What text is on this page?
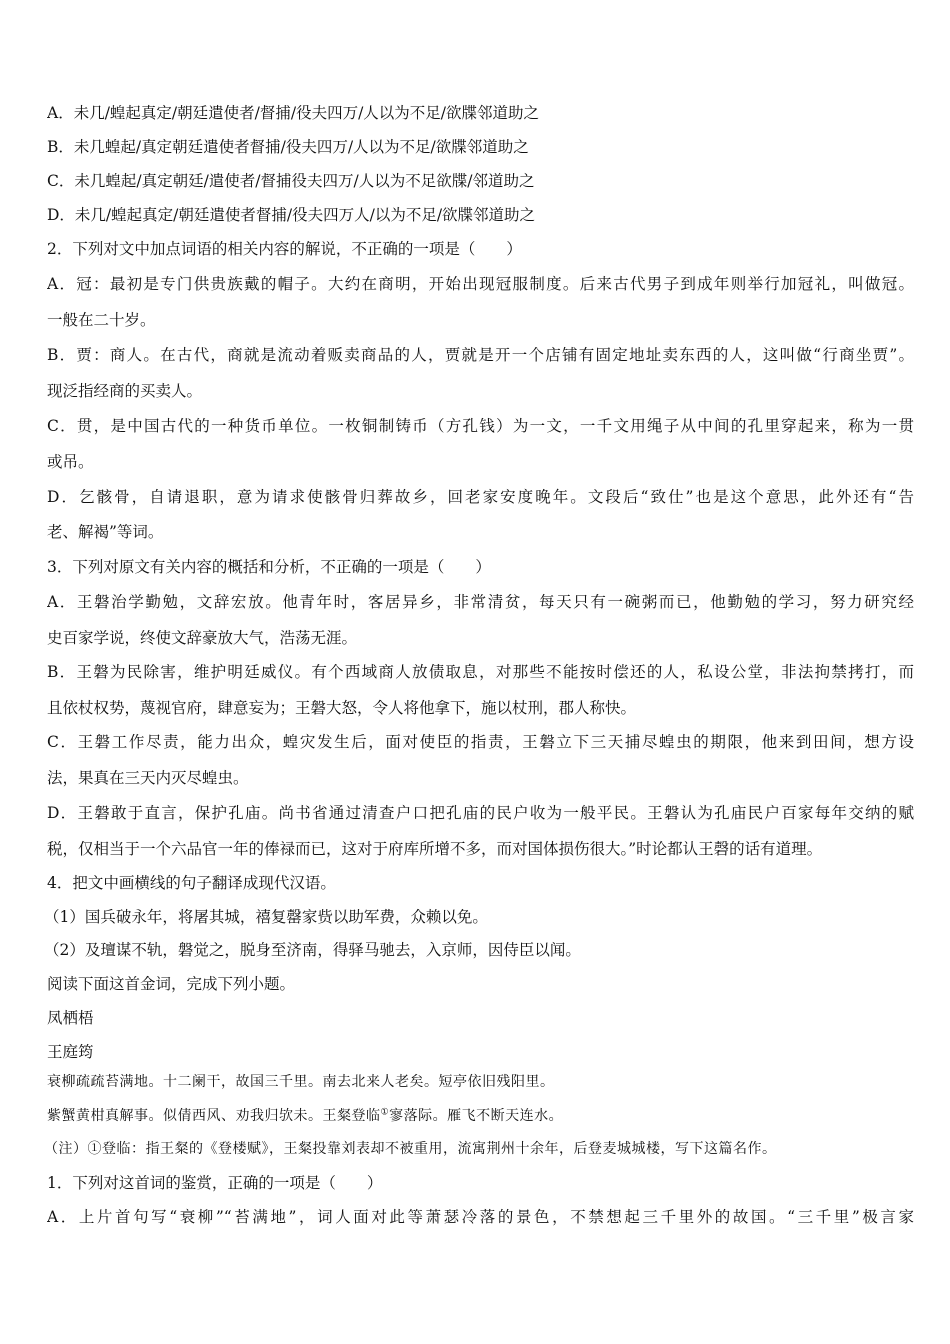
A．未几/蝗起真定/朝廷遣使者/督捕/役夫四万/人以为不足/欲牒邻道助之
B．未几蝗起/真定朝廷遣使者督捕/役夫四万/人以为不足/欲牒邻道助之
C．未几蝗起/真定朝廷/遣使者/督捕役夫四万/人以为不足欲牒/邻道助之
D．未几/蝗起真定/朝廷遣使者督捕/役夫四万人/以为不足/欲牒邻道助之
2．下列对文中加点词语的相关内容的解说，不正确的一项是（　　）
A．冠：最初是专门供贵族戴的帽子。大约在商明，开始出现冠服制度。后来古代男子到成年则举行加冠礼，叫做冠。
一般在二十岁。
B．贾：商人。在古代，商就是流动着贩卖商品的人，贾就是开一个店铺有固定地址卖东西的人，这叫做“行商坐贾”。
现泛指经商的买卖人。
C．贯，是中国古代的一种货币单位。一枚铜制铸币（方孔钱）为一文，一千文用绳子从中间的孔里穿起来，称为一贯
或吊。
D．乞骸骨，自请退职，意为请求使骸骨归葬故乡，回老家安度晚年。文段后“致仕”也是这个意思，此外还有“告
老、解褐”等词。
3．下列对原文有关内容的概括和分析，不正确的一项是（　　）
A．王磐治学勤勉，文辞宏放。他青年时，客居异乡，非常清贫，每天只有一碗粥而已，他勤勉的学习，努力研究经
史百家学说，终使文辞豪放大气，浩荡无涯。
B．王磐为民除害，维护明廷威仪。有个西域商人放债取息，对那些不能按时偿还的人，私设公堂，非法拘禁拷打，而
且依杖权势，蔑视官府，肆意妄为；王磐大怒，令人将他拿下，施以杖刑，郡人称快。
C．王磐工作尽责，能力出众，蝗灾发生后，面对使臣的指责，王磐立下三天捕尽蝗虫的期限，他来到田间，想方设
法，果真在三天内灭尽蝗虫。
D．王磐敢于直言，保护孔庙。尚书省通过清查户口把孔庙的民户收为一般平民。王磐认为孔庙民户百家每年交纳的赋
税，仅相当于一个六品官一年的俸禄而已，这对于府库所增不多，而对国体损伤很大。”时论都认王磬的话有道理。
4．把文中画横线的句子翻译成现代汉语。
（1）国兵破永年，将屠其城，禧复罄家赀以助军费，众赖以免。
（2）及璮谋不轨，磐觉之，脱身至济南，得驿马驰去，入京师，因侍臣以闻。
阅读下面这首金词，完成下列小题。
凤栖梧
王庭筠
衰柳疏疏苔满地。十二阑干，故国三千里。南去北来人老矣。短亭依旧残阳里。
紫蟹黄柑真解事。似倩西风、劝我归欤未。王粲登临①寥落际。雁飞不断天连水。
（注）①登临：指王粲的《登楼赋》，王粲投靠刘表却不被重用，流寓荆州十余年，后登麦城城楼，写下这篇名作。
1．下列对这首词的鉴赏，正确的一项是（　　）
A．上片首句写“衰柳”“苔满地”，词人面对此等萧瑟冷落的景色，不禁想起三千里外的故国。“三千里”极言家
